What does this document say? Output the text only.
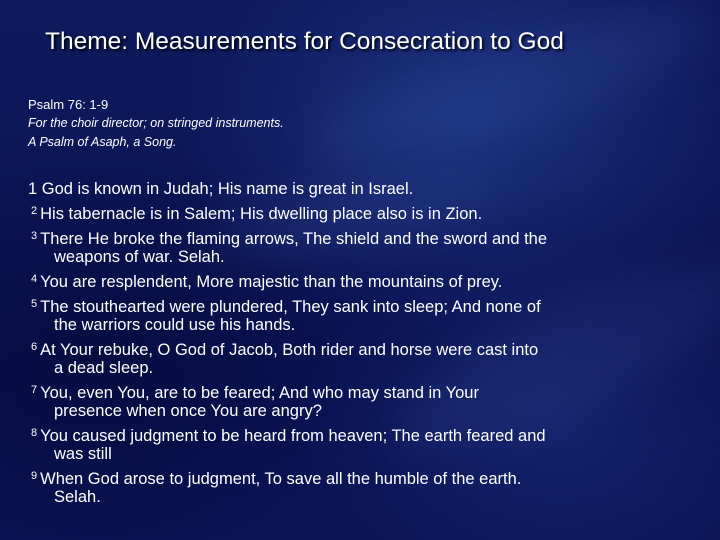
Theme: Measurements for Consecration to God
Psalm 76: 1-9
For the choir director; on stringed instruments.
A Psalm of Asaph, a Song.
1 God is known in Judah; His name is great in Israel.
$^2$ His tabernacle is in Salem; His dwelling place also is in Zion.
$^3$ There He broke the flaming arrows, The shield and the sword and the
weapons of war. Selah.
$^4$ You are resplendent, More majestic than the mountains of prey.
$^5$ The stouthearted were plundered, They sank into sleep; And none of
the warriors could use his hands.
$^6$ At Your rebuke, O God of Jacob, Both rider and horse were cast into
a dead sleep.
$^7$ You, even You, are to be feared; And who may stand in Your
presence when once You are angry?
$^8$ You caused judgment to be heard from heaven; The earth feared and
was still
$^9$ When God arose to judgment, To save all the humble of the earth.
Selah.
